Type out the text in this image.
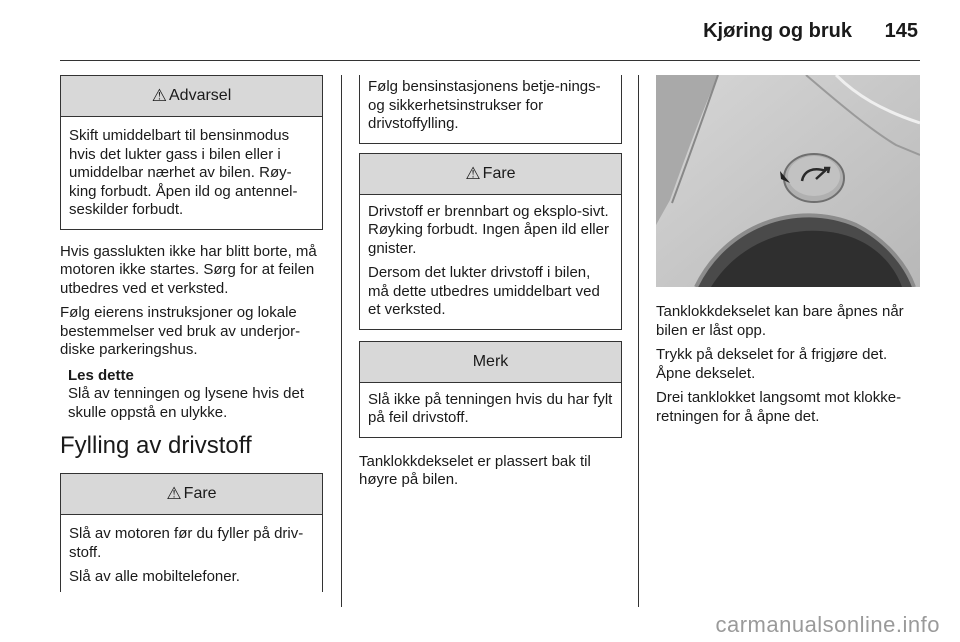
Kjøring og bruk 145
⚠ Advarsel

Skift umiddelbart til bensinmodus hvis det lukter gass i bilen eller i umiddelbar nærhet av bilen. Røy-king forbudt. Åpen ild og antennel-seskilder forbudt.

Hvis gasslukten ikke har blitt borte, må motoren ikke startes. Sørg for at feilen utbedres ved et verksted.

Følg eierens instruksjoner og lokale bestemmelser ved bruk av underjor-diske parkeringshus.

Les dette
Slå av tenningen og lysene hvis det skulle oppstå en ulykke.
Fylling av drivstoff
⚠ Fare

Slå av motoren før du fyller på driv-stoff.

Slå av alle mobiltelefoner.

Følg bensinstasjonens betje-nings- og sikkerhetsinstrukser for drivstoffylling.

⚠ Fare

Drivstoff er brennbart og eksplo-sivt. Røyking forbudt. Ingen åpen ild eller gnister.

Dersom det lukter drivstoff i bilen, må dette utbedres umiddelbart ved et verksted.

Merk

Slå ikke på tenningen hvis du har fylt på feil drivstoff.

Tanklokkdekselet er plassert bak til høyre på bilen.

Tanklokkdekselet kan bare åpnes når bilen er låst opp.

Trykk på dekselet for å frigjøre det. Åpne dekselet.

Drei tanklokket langsomt mot klokke-retningen for å åpne det.

carmanualsonline.info
